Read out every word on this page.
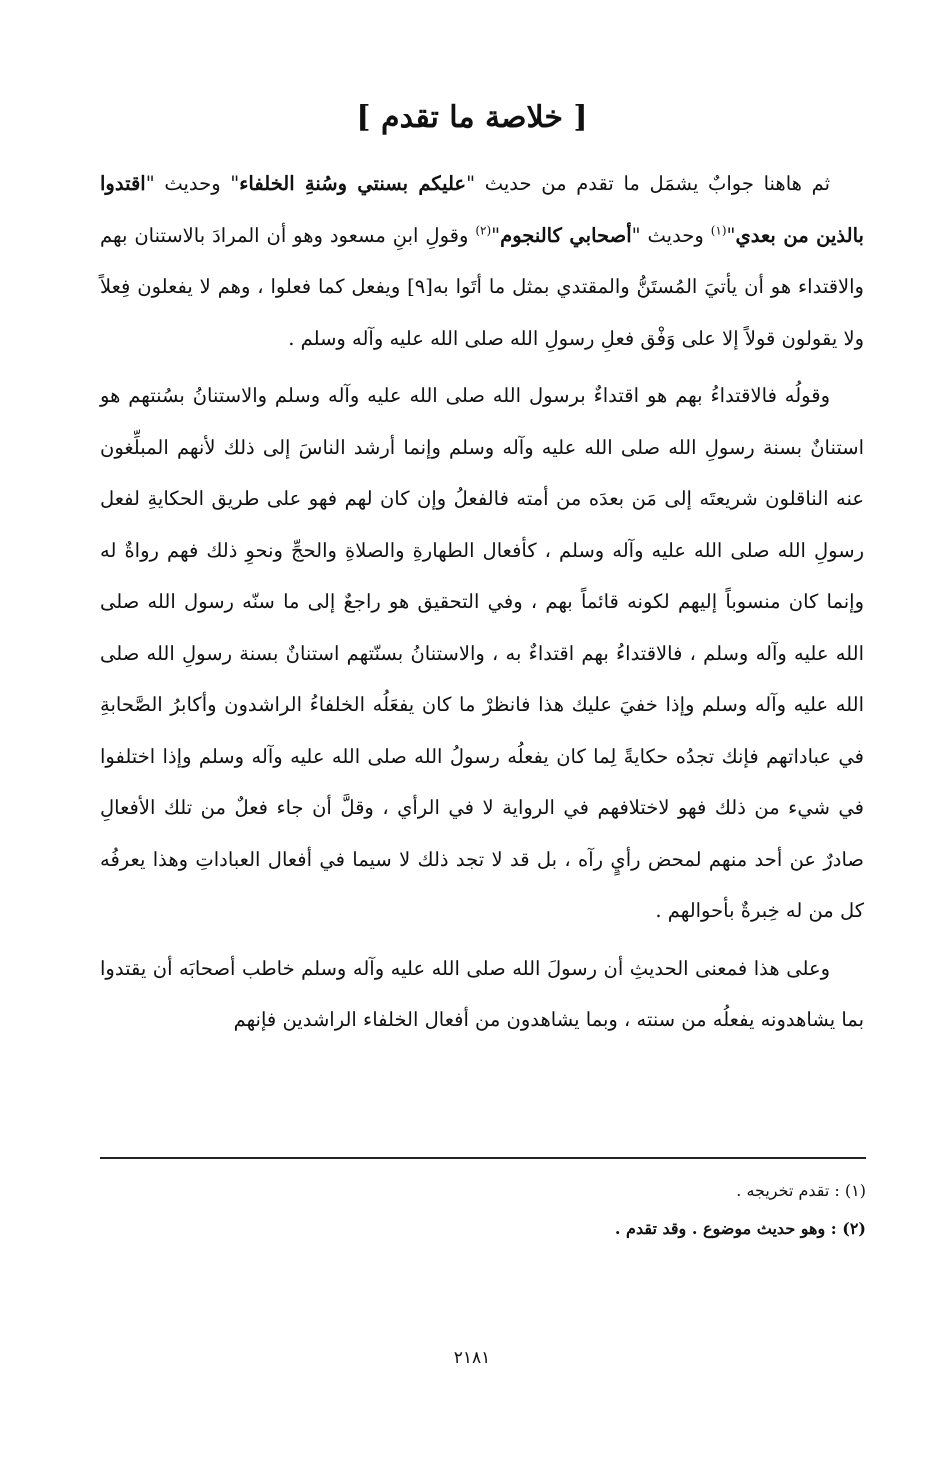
[ خلاصة ما تقدم ]

ثم هاهنا جوابٌ يشمَل ما تقدم من حديث "عليكم بسنتي وسُنةِ الخلفاء" وحديث "اقتدوا بالذين من بعدي"$^{(١)}$ وحديث "أصحابي كالنجوم"$^{(٢)}$ وقولِ ابنِ مسعود وهو أن المرادَ بالاستنان بهم والاقتداء هو أن يأتيَ المُستَنُّ والمقتدي بمثل ما أتَوا به[٩] ويفعل كما فعلوا ، وهم لا يفعلون فِعلاً ولا يقولون قولاً إلا على وَفْق فعلِ رسولِ الله صلى الله عليه وآله وسلم .

وقولُه فالاقتداءُ بهم هو اقتداءٌ برسول الله صلى الله عليه وآله وسلم والاستنانُ بسُنتهم هو استنانٌ بسنة رسولِ الله صلى الله عليه وآله وسلم وإنما أرشد الناسَ إلى ذلك لأنهم المبلِّغون عنه الناقلون شريعتَه إلى مَن بعدَه من أمته فالفعلُ وإن كان لهم فهو على طريق الحكايةِ لفعل رسولِ الله صلى الله عليه وآله وسلم ، كأفعال الطهارةِ والصلاةِ والحجِّ ونحوِ ذلك فهم رواةٌ له وإنما كان منسوباً إليهم لكونه قائماً بهم ، وفي التحقيق هو راجعٌ إلى ما سنّه رسول الله صلى الله عليه وآله وسلم ، فالاقتداءُ بهم اقتداءٌ به ، والاستنانُ بسنّتهم استنانٌ بسنة رسولِ الله صلى الله عليه وآله وسلم وإذا خفيَ عليك هذا فانظرْ ما كان يفعَلُه الخلفاءُ الراشدون وأكابرُ الصَّحابةِ في عباداتهم فإنك تجدُه حكايةً لِما كان يفعلُه رسولُ الله صلى الله عليه وآله وسلم وإذا اختلفوا في شيء من ذلك فهو لاختلافهم في الرواية لا في الرأي ، وقلَّ أن جاء فعلٌ من تلك الأفعالِ صادرٌ عن أحد منهم لمحض رأيٍ رآه ، بل قد لا تجد ذلك لا سيما في أفعال العباداتِ وهذا يعرفُه كل من له خِبرةٌ بأحوالهم .

وعلى هذا فمعنى الحديثِ أن رسولَ الله صلى الله عليه وآله وسلم خاطب أصحابَه أن يقتدوا بما يشاهدونه يفعلُه من سنته ، وبما يشاهدون من أفعال الخلفاء الراشدين فإنهم

(١) : تقدم تخريجه .
(٢) : وهو حديث موضوع . وقد تقدم .
٢١٨١
